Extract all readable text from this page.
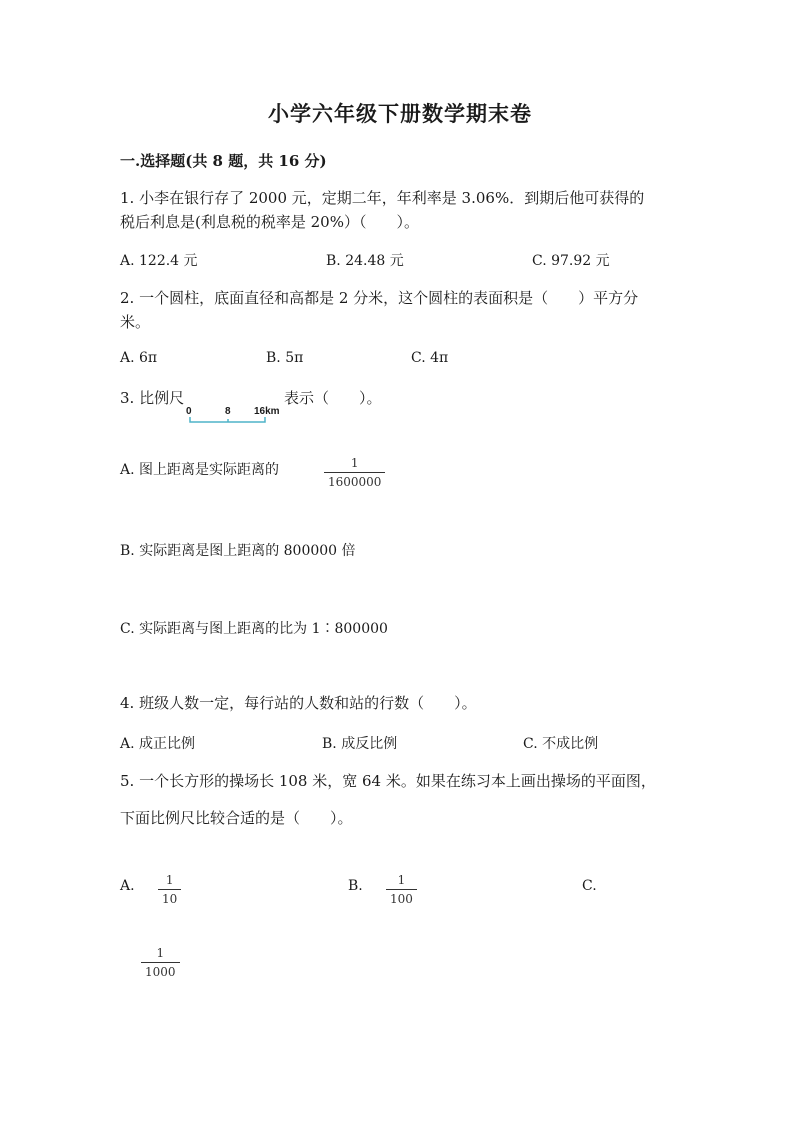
小学六年级下册数学期末卷
一.选择题(共 8 题，共 16 分)
1. 小李在银行存了 2000 元，定期二年，年利率是 3.06%．到期后他可获得的
税后利息是(利息税的税率是 20%）（　　）。
A. 122.4 元	B. 24.48 元	C. 97.92 元
2. 一个圆柱，底面直径和高都是 2 分米，这个圆柱的表面积是（　　）平方分
米。
A. 6π	B. 5π	C. 4π
3. 比例尺
0	8 16km
表示（　　）。
A. 图上距离是实际距离的	1
1600000
B. 实际距离是图上距离的 800000 倍
C. 实际距离与图上距离的比为 1∶800000
4. 班级人数一定，每行站的人数和站的行数（　　）。
A. 成正比例	B. 成反比例	C. 不成比例
5. 一个长方形的操场长 108 米，宽 64 米。如果在练习本上画出操场的平面图，
下面比例尺比较合适的是（　　）。
A.	1
10
B.	1
100
C.
1
1000
